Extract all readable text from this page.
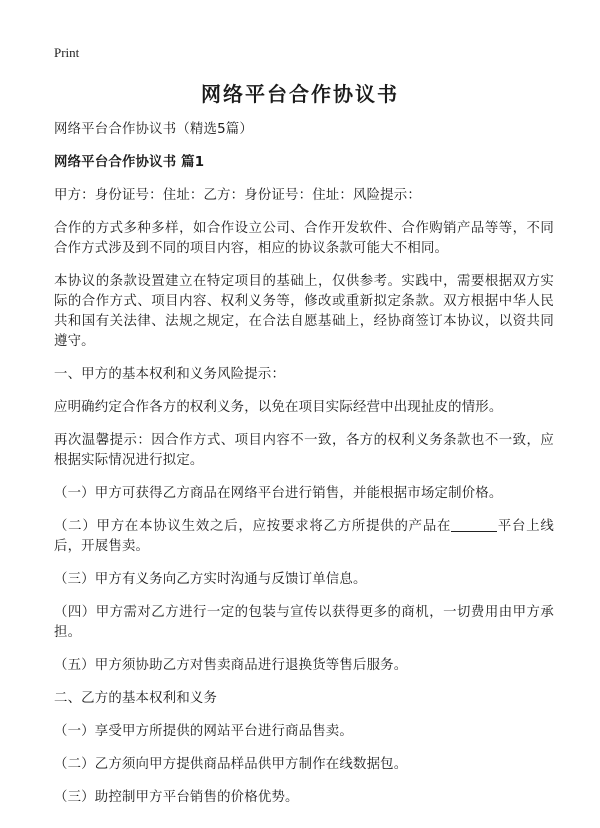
Print
网络平台合作协议书

网络平台合作协议书（精选5篇）

网络平台合作协议书 篇1

甲方：身份证号：住址：乙方：身份证号：住址：风险提示：

合作的方式多种多样，如合作设立公司、合作开发软件、合作购销产品等等，不同合作方式涉及到不同的项目内容，相应的协议条款可能大不相同。

本协议的条款设置建立在特定项目的基础上，仅供参考。实践中，需要根据双方实际的合作方式、项目内容、权利义务等，修改或重新拟定条款。双方根据中华人民共和国有关法律、法规之规定，在合法自愿基础上，经协商签订本协议，以资共同遵守。

一、甲方的基本权利和义务风险提示：

应明确约定合作各方的权利义务，以免在项目实际经营中出现扯皮的情形。

再次温馨提示：因合作方式、项目内容不一致，各方的权利义务条款也不一致，应根据实际情况进行拟定。

（一）甲方可获得乙方商品在网络平台进行销售，并能根据市场定制价格。

（二）甲方在本协议生效之后，应按要求将乙方所提供的产品在	平台上线后，开展售卖。

（三）甲方有义务向乙方实时沟通与反馈订单信息。

（四）甲方需对乙方进行一定的包装与宣传以获得更多的商机，一切费用由甲方承担。

（五）甲方须协助乙方对售卖商品进行退换货等售后服务。

二、乙方的基本权利和义务

（一）享受甲方所提供的网站平台进行商品售卖。

（二）乙方须向甲方提供商品样品供甲方制作在线数据包。

（三）助控制甲方平台销售的价格优势。
